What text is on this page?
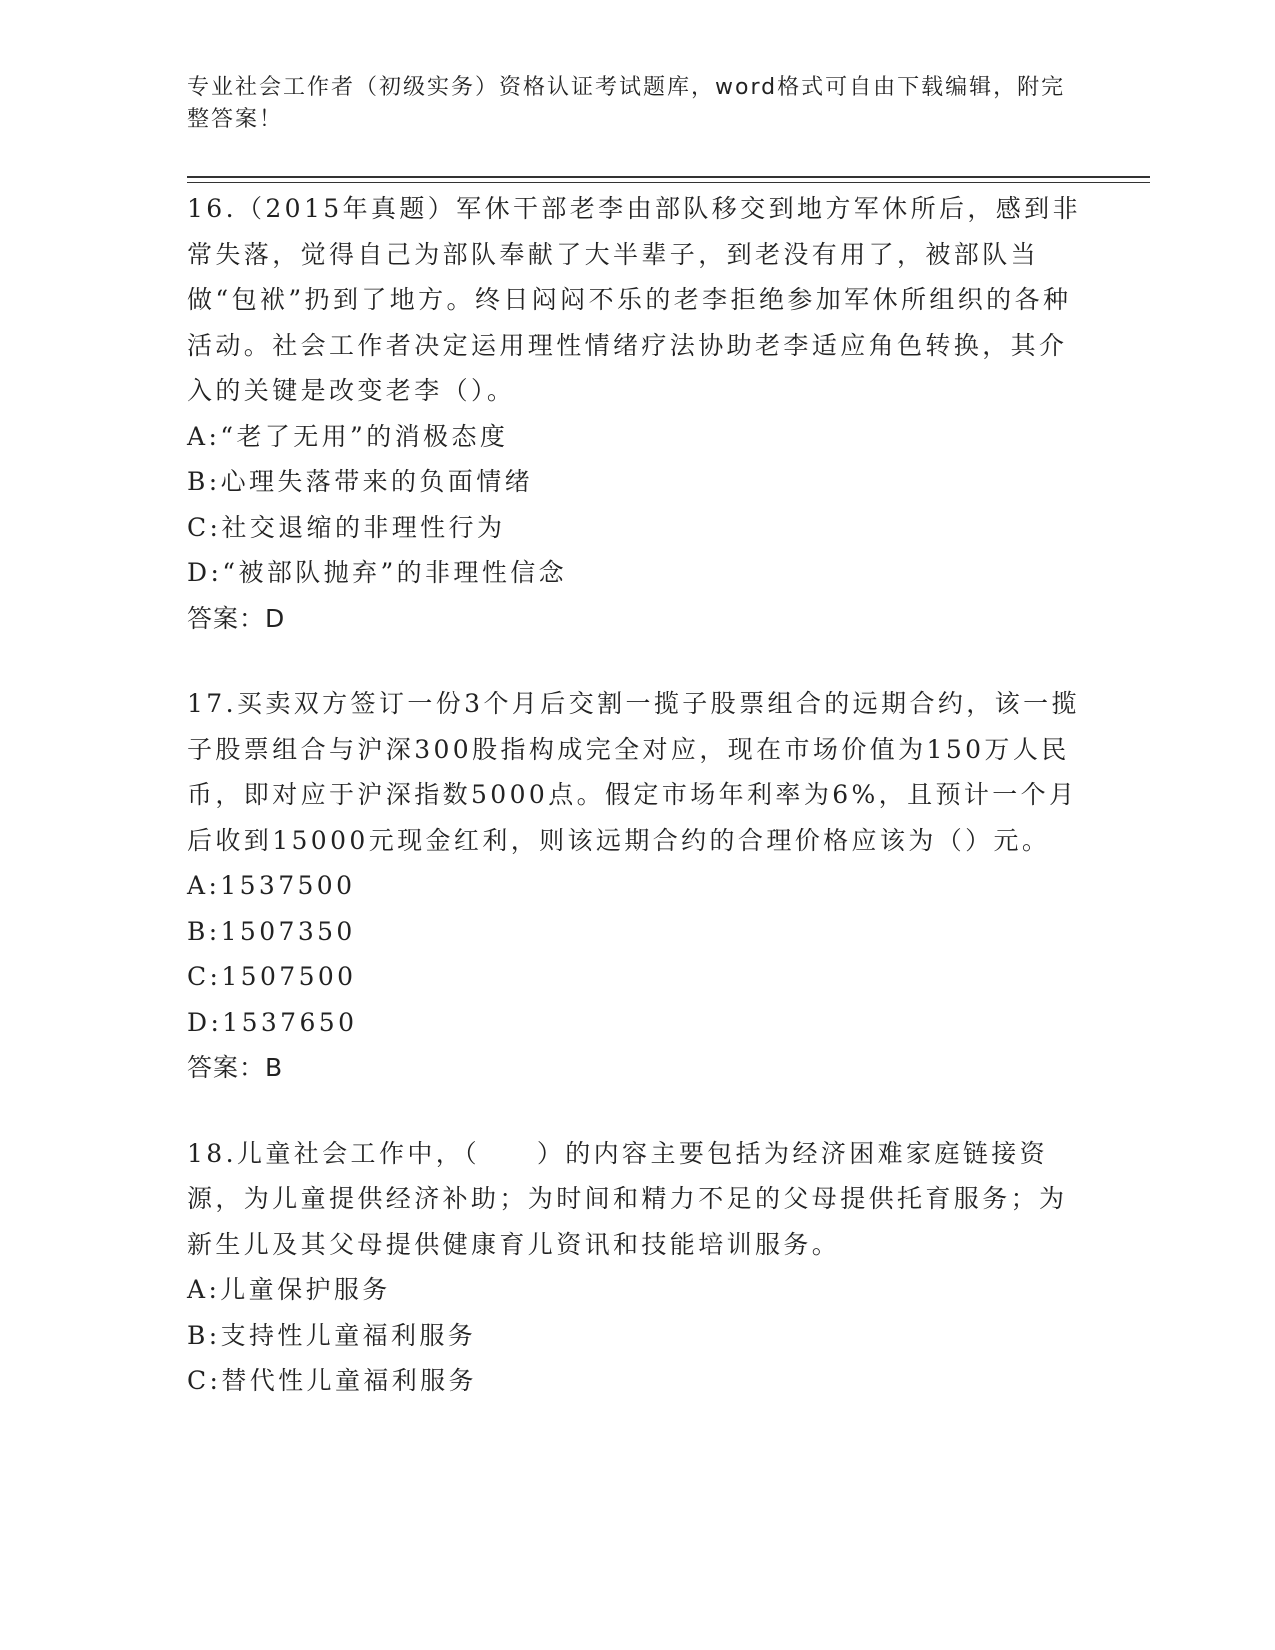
专业社会工作者（初级实务）资格认证考试题库，word格式可自由下载编辑，附完整答案！

16.（2015年真题）军休干部老李由部队移交到地方军休所后，感到非常失落，觉得自己为部队奉献了大半辈子，到老没有用了，被部队当做“包袱”扔到了地方。终日闷闷不乐的老李拒绝参加军休所组织的各种活动。社会工作者决定运用理性情绪疗法协助老李适应角色转换，其介入的关键是改变老李（）。

A:“老了无用”的消极态度

B:心理失落带来的负面情绪

C:社交退缩的非理性行为

D:“被部队抛弃”的非理性信念

答案：D

17.买卖双方签订一份3个月后交割一揽子股票组合的远期合约，该一揽子股票组合与沪深300股指构成完全对应，现在市场价值为150万人民币，即对应于沪深指数5000点。假定市场年利率为6%，且预计一个月后收到15000元现金红利，则该远期合约的合理价格应该为（）元。

A:1537500

B:1507350

C:1507500

D:1537650

答案：B

18.儿童社会工作中，（　　）的内容主要包括为经济困难家庭链接资源，为儿童提供经济补助；为时间和精力不足的父母提供托育服务；为新生儿及其父母提供健康育儿资讯和技能培训服务。

A:儿童保护服务

B:支持性儿童福利服务

C:替代性儿童福利服务
